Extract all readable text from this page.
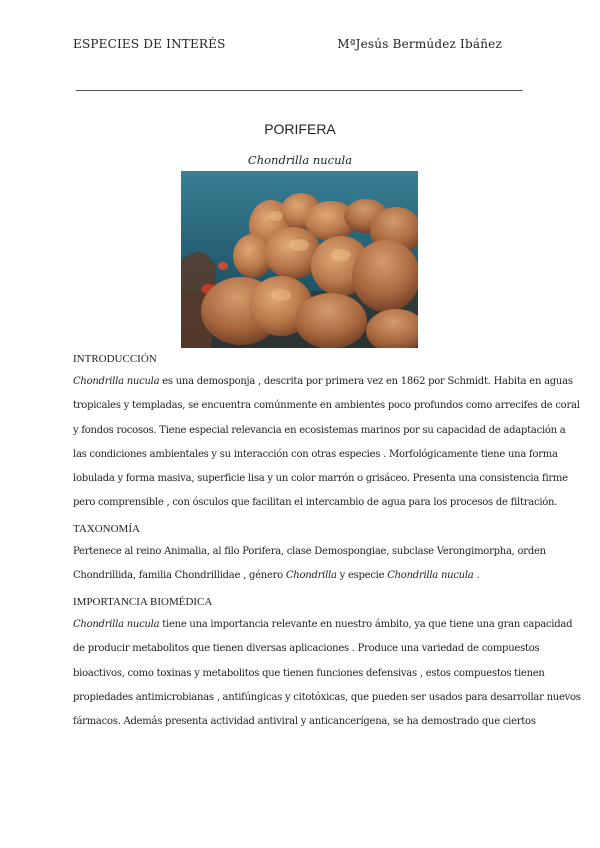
ESPECIES DE INTERÉS	MªJesús Bermúdez Ibáñez
PORIFERA
Chondrilla nucula
INTRODUCCIÓN
Chondrilla nucula es una demosponja , descrita por primera vez en 1862 por Schmidt. Habita en aguas
tropicales y templadas, se encuentra comúnmente en ambientes poco profundos como arrecifes de coral
y fondos rocosos. Tiene especial relevancia en ecosistemas marinos por su capacidad de adaptación a
las condiciones ambientales y su interacción con otras especies . Morfológicamente tiene una forma
lobulada y forma masiva, superficie lisa y un color marrón o grisáceo. Presenta una consistencia firme
pero comprensible , con ósculos que facilitan el intercambio de agua para los procesos de filtración.
TAXONOMÍA
Pertenece al reino Animalia, al filo Porifera, clase Demospongiae, subclase Verongimorpha, orden
Chondrillida, familia Chondrillidae , género Chondrilla y especie Chondrilla nucula .
IMPORTANCIA BIOMÉDICA
Chondrilla nucula tiene una importancia relevante en nuestro ámbito, ya que tiene una gran capacidad
de producir metabolitos que tienen diversas aplicaciones . Produce una variedad de compuestos
bioactivos, como toxinas y metabolitos que tienen funciones defensivas , estos compuestos tienen
propiedades antimicrobianas , antifúngicas y citotóxicas, que pueden ser usados para desarrollar nuevos
fármacos. Además presenta actividad antiviral y anticancerígena, se ha demostrado que ciertos
